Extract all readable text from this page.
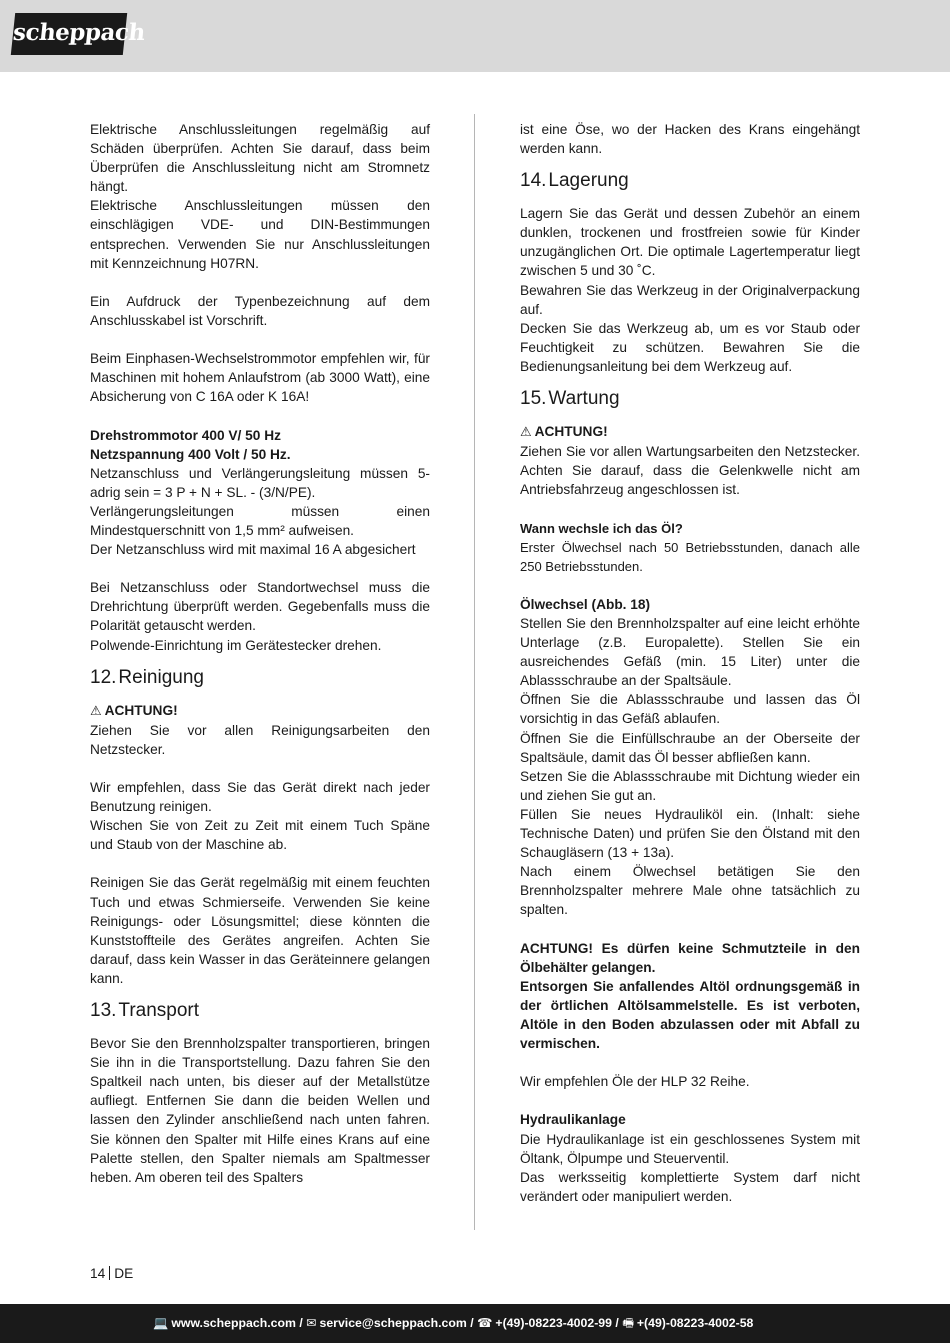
scheppach

Elektrische Anschlussleitungen regelmäßig auf Schäden überprüfen. Achten Sie darauf, dass beim Überprüfen die Anschlussleitung nicht am Stromnetz hängt.

Elektrische Anschlussleitungen müssen den einschlägigen VDE- und DIN-Bestimmungen entsprechen. Verwenden Sie nur Anschlussleitungen mit Kennzeichnung H07RN.

Ein Aufdruck der Typenbezeichnung auf dem Anschlusskabel ist Vorschrift.

Beim Einphasen-Wechselstrommotor empfehlen wir, für Maschinen mit hohem Anlaufstrom (ab 3000 Watt), eine Absicherung von C 16A oder K 16A!

Drehstrommotor 400 V/ 50 Hz

Netzspannung 400 Volt / 50 Hz.

Netzanschluss und Verlängerungsleitung müssen 5-adrig sein = 3 P + N + SL. - (3/N/PE).

Verlängerungsleitungen müssen einen Mindestquerschnitt von 1,5 mm² aufweisen.

Der Netzanschluss wird mit maximal 16 A abgesichert

Bei Netzanschluss oder Standortwechsel muss die Drehrichtung überprüft werden. Gegebenfalls muss die Polarität getauscht werden.

Polwende-Einrichtung im Gerätestecker drehen.

12. Reinigung

⚠ ACHTUNG!

Ziehen Sie vor allen Reinigungsarbeiten den Netzstecker.

Wir empfehlen, dass Sie das Gerät direkt nach jeder Benutzung reinigen.

Wischen Sie von Zeit zu Zeit mit einem Tuch Späne und Staub von der Maschine ab.

Reinigen Sie das Gerät regelmäßig mit einem feuchten Tuch und etwas Schmierseife. Verwenden Sie keine Reinigungs- oder Lösungsmittel; diese könnten die Kunststoffteile des Gerätes angreifen. Achten Sie darauf, dass kein Wasser in das Geräteinnere gelangen kann.

13. Transport

Bevor Sie den Brennholzspalter transportieren, bringen Sie ihn in die Transportstellung. Dazu fahren Sie den Spaltkeil nach unten, bis dieser auf der Metallstütze aufliegt. Entfernen Sie dann die beiden Wellen und lassen den Zylinder anschließend nach unten fahren. Sie können den Spalter mit Hilfe eines Krans auf eine Palette stellen, den Spalter niemals am Spaltmesser heben. Am oberen teil des Spalters

ist eine Öse, wo der Hacken des Krans eingehängt werden kann.

14. Lagerung

Lagern Sie das Gerät und dessen Zubehör an einem dunklen, trockenen und frostfreien sowie für Kinder unzugänglichen Ort. Die optimale Lagertemperatur liegt zwischen 5 und 30 ˚C.

Bewahren Sie das Werkzeug in der Originalverpackung auf.

Decken Sie das Werkzeug ab, um es vor Staub oder Feuchtigkeit zu schützen. Bewahren Sie die Bedienungsanleitung bei dem Werkzeug auf.

15. Wartung

⚠ ACHTUNG!

Ziehen Sie vor allen Wartungsarbeiten den Netzstecker. Achten Sie darauf, dass die Gelenkwelle nicht am Antriebsfahrzeug angeschlossen ist.

Wann wechsle ich das Öl?

Erster Ölwechsel nach 50 Betriebsstunden, danach alle 250 Betriebsstunden.

Ölwechsel (Abb. 18)

Stellen Sie den Brennholzspalter auf eine leicht erhöhte Unterlage (z.B. Europalette). Stellen Sie ein ausreichendes Gefäß (min. 15 Liter) unter die Ablassschraube an der Spaltsäule.

Öffnen Sie die Ablassschraube und lassen das Öl vorsichtig in das Gefäß ablaufen.

Öffnen Sie die Einfüllschraube an der Oberseite der Spaltsäule, damit das Öl besser abfließen kann.

Setzen Sie die Ablassschraube mit Dichtung wieder ein und ziehen Sie gut an.

Füllen Sie neues Hydrauliköl ein. (Inhalt: siehe Technische Daten) und prüfen Sie den Ölstand mit den Schaugläsern (13 + 13a).

Nach einem Ölwechsel betätigen Sie den Brennholzspalter mehrere Male ohne tatsächlich zu spalten.

ACHTUNG! Es dürfen keine Schmutzteile in den Ölbehälter gelangen.

Entsorgen Sie anfallendes Altöl ordnungsgemäß in der örtlichen Altölsammelstelle. Es ist verboten, Altöle in den Boden abzulassen oder mit Abfall zu vermischen.

Wir empfehlen Öle der HLP 32 Reihe.

Hydraulikanlage

Die Hydraulikanlage ist ein geschlossenes System mit Öltank, Ölpumpe und Steuerventil.

Das werksseitig komplettierte System darf nicht verändert oder manipuliert werden.

14 DE
💻 www.scheppach.com / ✉ service@scheppach.com / ☎ +(49)-08223-4002-99 / 🖷 +(49)-08223-4002-58
